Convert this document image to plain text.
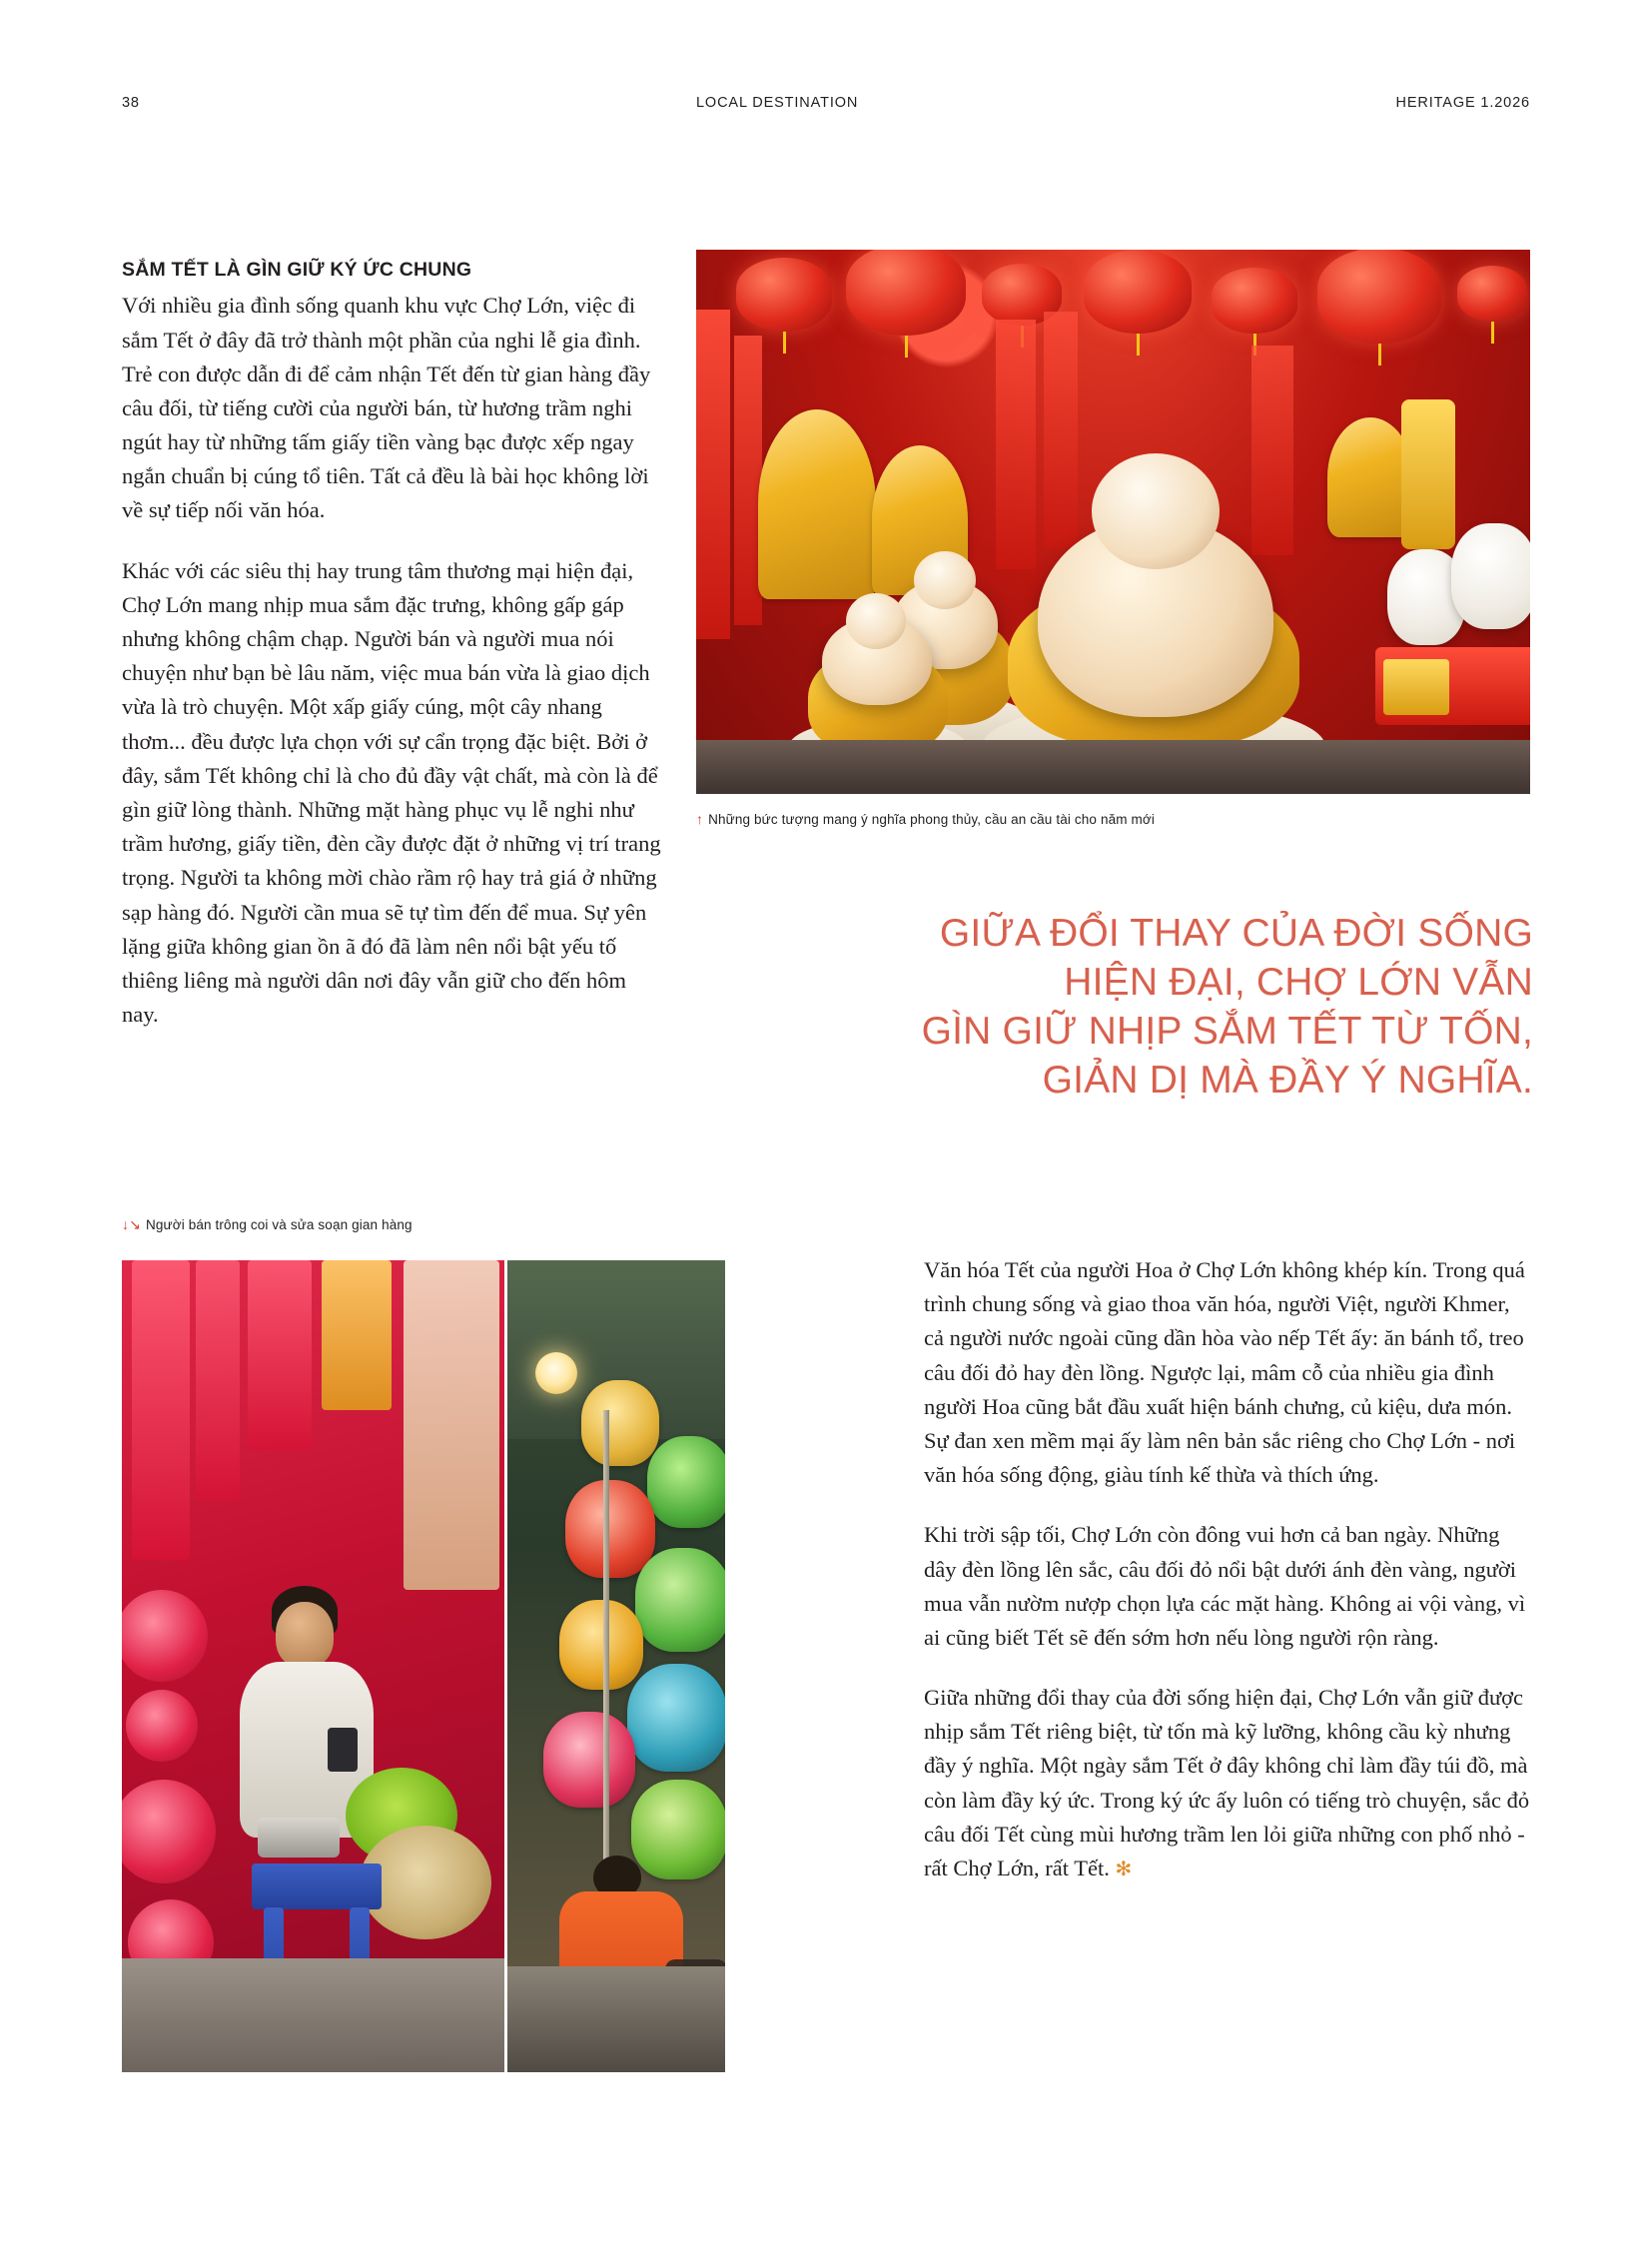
38	LOCAL DESTINATION	HERITAGE 1.2026
SẮM TẾT LÀ GÌN GIỮ KÝ ỨC CHUNG

Với nhiều gia đình sống quanh khu vực Chợ Lớn, việc đi sắm Tết ở đây đã trở thành một phần của nghi lễ gia đình. Trẻ con được dẫn đi để cảm nhận Tết đến từ gian hàng đầy câu đối, từ tiếng cười của người bán, từ hương trầm nghi ngút hay từ những tấm giấy tiền vàng bạc được xếp ngay ngắn chuẩn bị cúng tổ tiên. Tất cả đều là bài học không lời về sự tiếp nối văn hóa.

Khác với các siêu thị hay trung tâm thương mại hiện đại, Chợ Lớn mang nhịp mua sắm đặc trưng, không gấp gáp nhưng không chậm chạp. Người bán và người mua nói chuyện như bạn bè lâu năm, việc mua bán vừa là giao dịch vừa là trò chuyện. Một xấp giấy cúng, một cây nhang thơm... đều được lựa chọn với sự cẩn trọng đặc biệt. Bởi ở đây, sắm Tết không chỉ là cho đủ đầy vật chất, mà còn là để gìn giữ lòng thành. Những mặt hàng phục vụ lễ nghi như trầm hương, giấy tiền, đèn cầy được đặt ở những vị trí trang trọng. Người ta không mời chào rầm rộ hay trả giá ở những sạp hàng đó. Người cần mua sẽ tự tìm đến để mua. Sự yên lặng giữa không gian ồn ã đó đã làm nên nổi bật yếu tố thiêng liêng mà người dân nơi đây vẫn giữ cho đến hôm nay.

↑ Những bức tượng mang ý nghĩa phong thủy, cầu an cầu tài cho năm mới
GIỮA ĐỔI THAY CỦA ĐỜI SỐNG
HIỆN ĐẠI, CHỢ LỚN VẪN
GÌN GIỮ NHỊP SẮM TẾT TỪ TỐN,
GIẢN DỊ MÀ ĐẦY Ý NGHĨA.
↓↘ Người bán trông coi và sửa soạn gian hàng

Văn hóa Tết của người Hoa ở Chợ Lớn không khép kín. Trong quá trình chung sống và giao thoa văn hóa, người Việt, người Khmer, cả người nước ngoài cũng dần hòa vào nếp Tết ấy: ăn bánh tổ, treo câu đối đỏ hay đèn lồng. Ngược lại, mâm cỗ của nhiều gia đình người Hoa cũng bắt đầu xuất hiện bánh chưng, củ kiệu, dưa món. Sự đan xen mềm mại ấy làm nên bản sắc riêng cho Chợ Lớn - nơi văn hóa sống động, giàu tính kế thừa và thích ứng.

Khi trời sập tối, Chợ Lớn còn đông vui hơn cả ban ngày. Những dây đèn lồng lên sắc, câu đối đỏ nổi bật dưới ánh đèn vàng, người mua vẫn nườm nượp chọn lựa các mặt hàng. Không ai vội vàng, vì ai cũng biết Tết sẽ đến sớm hơn nếu lòng người rộn ràng.

Giữa những đổi thay của đời sống hiện đại, Chợ Lớn vẫn giữ được nhịp sắm Tết riêng biệt, từ tốn mà kỹ lưỡng, không cầu kỳ nhưng đầy ý nghĩa. Một ngày sắm Tết ở đây không chỉ làm đầy túi đồ, mà còn làm đầy ký ức. Trong ký ức ấy luôn có tiếng trò chuyện, sắc đỏ câu đối Tết cùng mùi hương trầm len lỏi giữa những con phố nhỏ - rất Chợ Lớn, rất Tết. ✻
